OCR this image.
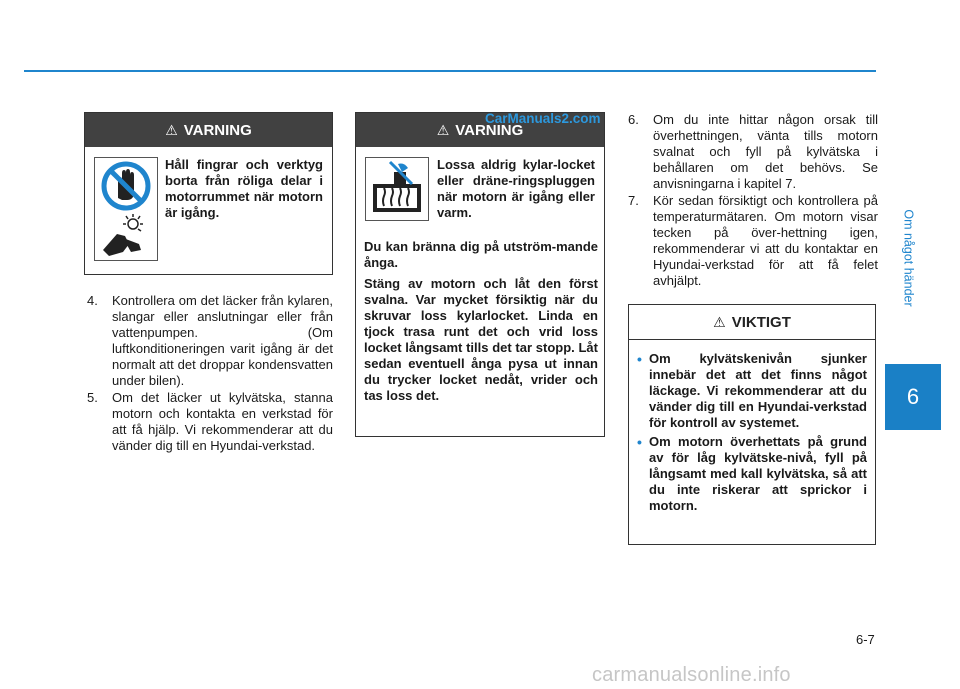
Om något händer
6
⚠ VARNING
Håll fingrar och verktyg borta från röliga delar i motorrummet när motorn är igång.
⚠ VARNING
Lossa aldrig kylar-locket eller dräne-ringspluggen när motorn är igång eller varm.
Du kan bränna dig på utström-mande ånga.
Stäng av motorn och låt den först svalna. Var mycket försiktig när du skruvar loss kylarlocket. Linda en tjock trasa runt det och vrid loss locket långsamt tills det tar stopp. Låt sedan eventuell ånga pysa ut innan du trycker locket nedåt, vrider och tas loss det.
4. Kontrollera om det läcker från kylaren, slangar eller anslutningar eller från vattenpumpen. (Om luftkonditioneringen varit igång är det normalt att det droppar kondensvatten under bilen).
5. Om det läcker ut kylvätska, stanna motorn och kontakta en verkstad för att få hjälp. Vi rekommenderar att du vänder dig till en Hyundai-verkstad.
6. Om du inte hittar någon orsak till överhettningen, vänta tills motorn svalnat och fyll på kylvätska i behållaren om det behövs. Se anvisningarna i kapitel 7.
7. Kör sedan försiktigt och kontrollera på temperaturmätaren. Om motorn visar tecken på över-hettning igen, rekommenderar vi att du kontaktar en Hyundai-verkstad för att få felet avhjälpt.
⚠ VIKTIGT
• Om kylvätskenivån sjunker innebär det att det finns något läckage. Vi rekommenderar att du vänder dig till en Hyundai-verkstad för kontroll av systemet.
• Om motorn överhettats på grund av för låg kylvätske-nivå, fyll på långsamt med kall kylvätska, så att du inte riskerar att sprickor i motorn.
CarManuals2.com
6-7
carmanualsonline.info
